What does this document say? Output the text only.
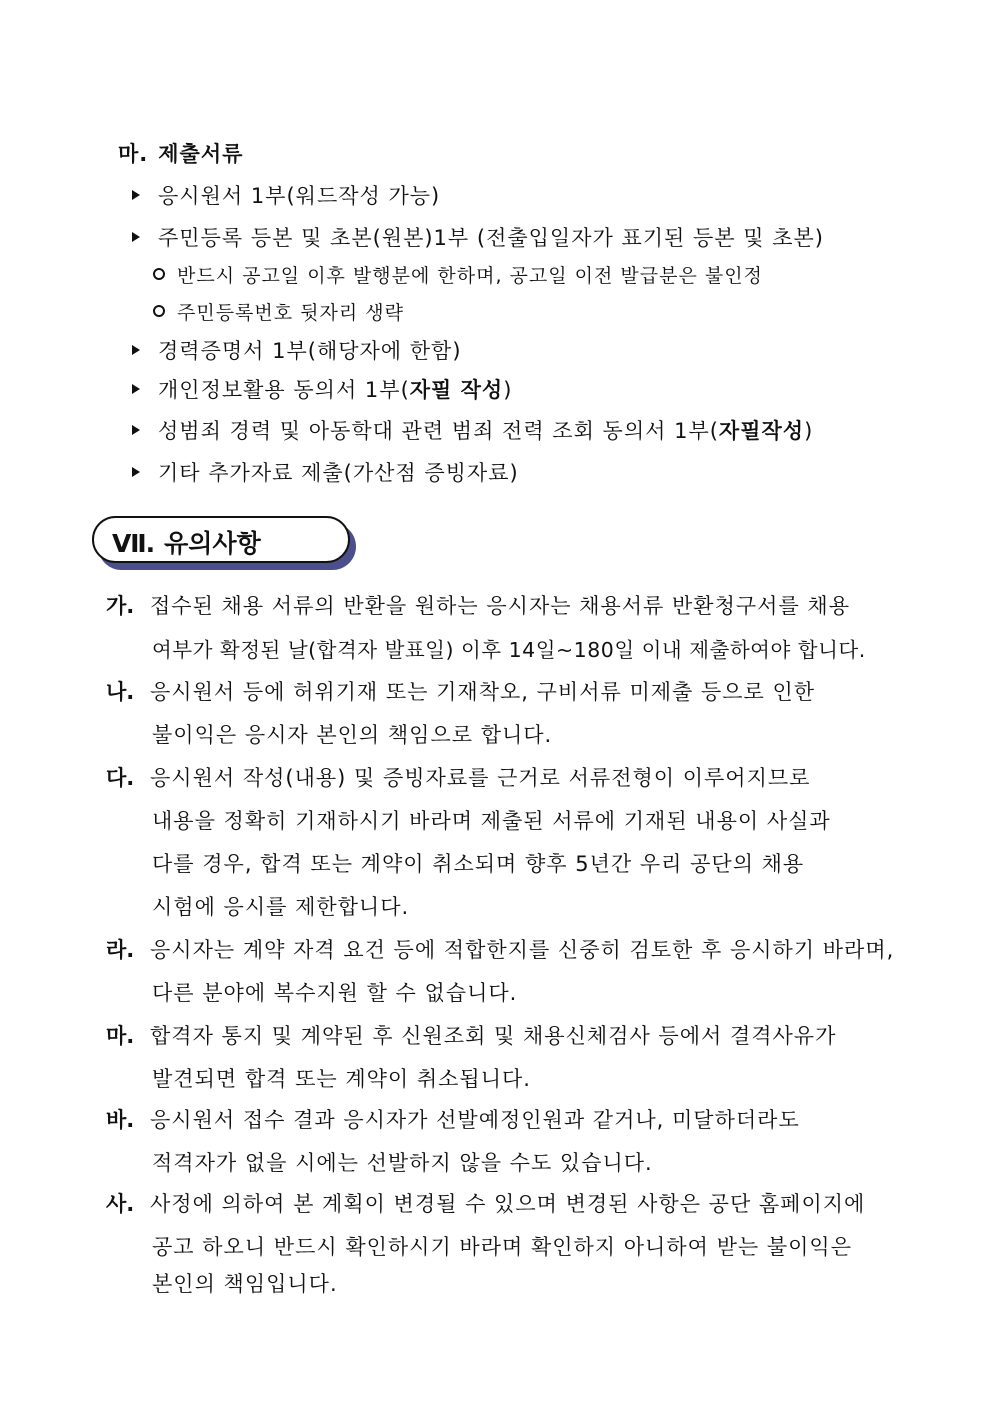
마. 제출서류
응시원서 1부(워드작성 가능)
주민등록 등본 및 초본(원본)1부 (전출입일자가 표기된 등본 및 초본)
반드시 공고일 이후 발행분에 한하며, 공고일 이전 발급분은 불인정
주민등록번호 뒷자리 생략
경력증명서 1부(해당자에 한함)
개인정보활용 동의서 1부(자필 작성)
성범죄 경력 및 아동학대 관련 범죄 전력 조회 동의서 1부(자필작성)
기타 추가자료 제출(가산점 증빙자료)
Ⅶ. 유의사항
가. 접수된 채용 서류의 반환을 원하는 응시자는 채용서류 반환청구서를 채용
여부가 확정된 날(합격자 발표일) 이후 14일~180일 이내 제출하여야 합니다.
나. 응시원서 등에 허위기재 또는 기재착오, 구비서류 미제출 등으로 인한
불이익은 응시자 본인의 책임으로 합니다.
다. 응시원서 작성(내용) 및 증빙자료를 근거로 서류전형이 이루어지므로
내용을 정확히 기재하시기 바라며 제출된 서류에 기재된 내용이 사실과
다를 경우, 합격 또는 계약이 취소되며 향후 5년간 우리 공단의 채용
시험에 응시를 제한합니다.
라. 응시자는 계약 자격 요건 등에 적합한지를 신중히 검토한 후 응시하기 바라며,
다른 분야에 복수지원 할 수 없습니다.
마. 합격자 통지 및 계약된 후 신원조회 및 채용신체검사 등에서 결격사유가
발견되면 합격 또는 계약이 취소됩니다.
바. 응시원서 접수 결과 응시자가 선발예정인원과 같거나, 미달하더라도
적격자가 없을 시에는 선발하지 않을 수도 있습니다.
사. 사정에 의하여 본 계획이 변경될 수 있으며 변경된 사항은 공단 홈페이지에
공고 하오니 반드시 확인하시기 바라며 확인하지 아니하여 받는 불이익은
본인의 책임입니다.
